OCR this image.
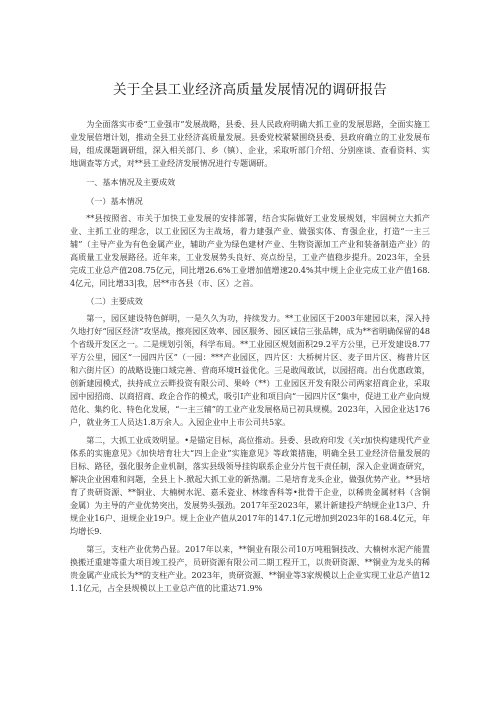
关于全县工业经济高质量发展情况的调研报告

为全面落实市委“工业强市”发展战略，县委、县人民政府明确大抓工业的发展思路，全面实施工业发展倍增计划，推动全县工业经济高质量发展。县委党校紧紧围绕县委、县政府确立的工业发展布局，组成课题调研组，深入相关部门、乡（镇）、企业，采取听部门介绍、分别座谈、查看资料、实地调查等方式，对**县工业经济发展情况进行专题调研。

一、基本情况及主要成效

（一）基本情况

**县按照省、市关于加快工业发展的安排部署，结合实际做好工业发展规划，牢固树立大抓产业、主抓工业的理念，以工业园区为主战场，着力建强产业、做强实体、育强企业，打造“一主三辅”（主导产业为有色金属产业，辅助产业为绿色建材产业、生物资源加工产业和装备制造产业）的高质量工业发展路径。近年来，工业发展势头良好、亮点纷呈，工业产值稳步提升。2023年，全县完成工业总产值208.75亿元，同比增26.6%工业增加值增速20.4%其中规上企业完成工业产值168.4亿元，同比增33|我，居**市各县（市、区）之首。

（二）主要成效

第一，园区建设特色鲜明，一是久久为功，持续发力。**工业园区于2003年建园以来，深入持久地打好“园区经济”攻坚战，擦亮园区效率、园区服务、园区诚信三张品牌，成为**省明确保留的48个省级开发区之一。二是规划引领，科学布局。**工业园区规划面积29.2平方公里，已开发建设8.77平方公里，园区“一园四片区”（一园：***产业园区，四片区：大桥树片区、麦子田片区、梅普片区和六街片区）的战略设施口域完善、营商环境H益优化。三是敢闯敢试，以园招商。出台优惠政策，创新建园模式，扶持成立云畔投资有限公司、果岭（**）工业园区开发有限公司两家招商企业，采取园中园招商、以商招商、政企合作的模式，吸引I产业和项目向“一园四片区”集中，促进工业产业向规范化、集约化、特色化发展，“一主三辅”的工业产业发展格局已初具规模。2023年，入园企业达176户，就业务工人员达1.8万余人。入园企业中上市公司共5家。

第二，大抓工业成效明显。•是锚定目标，高位推动。县委、县政府印发《关r加快构建现代产业体系的实施意见》《加快培育壮大“四上企业”实施意见》等政策措施，明确全县工业经济倍量发展的目标、路径，强化服务企业机制，落实县级领导挂钩联系企业分片包干责任制，深入企业调查研究，解决企业困难和问题，全县上卜.掀起大抓工业的新热潮。二是培育龙头企业，做强优势产业。**县培育了贵研资源、**铜业、大楠树水泥、嘉禾瓷业、林缘香科等•批骨干企业，以稀贵金属材料（含铜金属）为主导的产业优势突出，发展势头强劲。2017年至2023年，累计新建投产纳规企业13户、升规企业16户、退规企业19户。规上企业产值从2017年的147.1亿元增加到2023年的168.4亿元，年均增长9.

第三，支柱产业优势凸显。2017年以来，**铜业有限公司10万吨粗铜技改、大楠树水泥产能置换搬迁重建等重大项目竣工投产，员研资源有限公司二期工程开工，以贵研资源、**铜业为龙头的稀贵金属产业成长为**的支柱产业。2023年，贵研资源、**铜业等3家规模以上企业实现工业总产值121.1亿元，占全县规模以上工业总产值的比重达71.9%
